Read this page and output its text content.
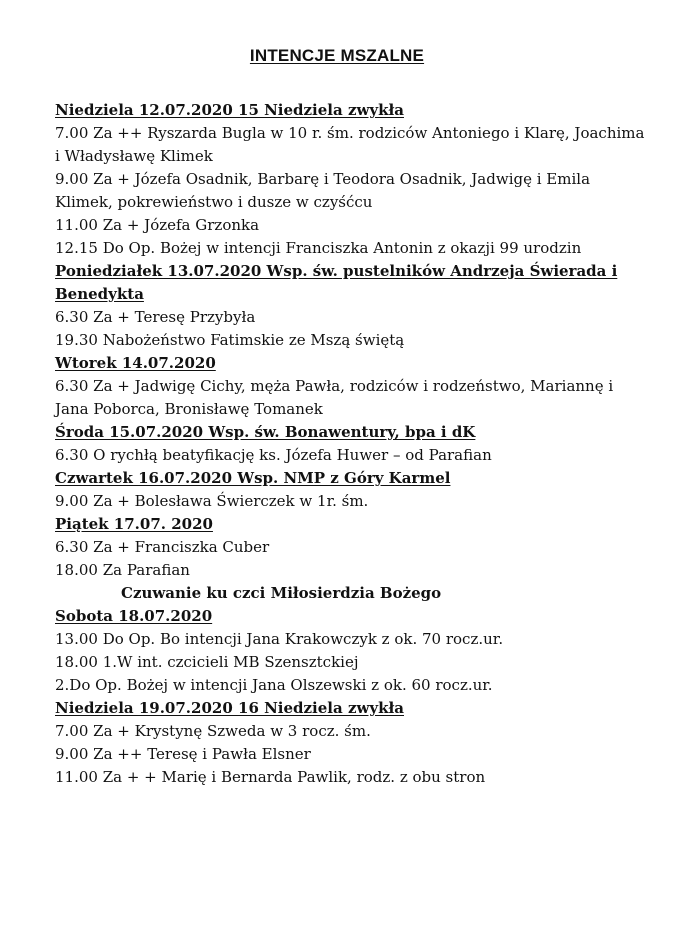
INTENCJE MSZALNE
Niedziela 12.07.2020 15 Niedziela zwykła
7.00 Za ++ Ryszarda Bugla w 10 r. śm. rodziców Antoniego i Klarę, Joachima i Władysławę Klimek
9.00 Za + Józefa Osadnik, Barbarę i Teodora Osadnik, Jadwigę i Emila Klimek, pokrewieństwo i dusze w czyśćcu
11.00 Za + Józefa Grzonka
12.15 Do Op. Bożej w intencji Franciszka Antonin z okazji 99 urodzin
Poniedziałek 13.07.2020 Wsp. św. pustelników Andrzeja Świerada i Benedykta
6.30 Za + Teresę Przybyła
19.30 Nabożeństwo Fatimskie ze Mszą świętą
Wtorek 14.07.2020
6.30 Za + Jadwigę Cichy, męża Pawła, rodziców i rodzeństwo, Mariannę i Jana Poborca, Bronisławę Tomanek
Środa 15.07.2020 Wsp. św. Bonawentury, bpa i dK
6.30 O rychłą beatyfikację ks. Józefa Huwer – od Parafian
Czwartek 16.07.2020 Wsp. NMP z Góry Karmel
9.00 Za + Bolesława Świerczek w 1r. śm.
Piątek 17.07. 2020
6.30 Za + Franciszka Cuber
18.00 Za Parafian
Czuwanie ku czci Miłosierdzia Bożego
Sobota 18.07.2020
13.00 Do Op. Bo intencji Jana Krakowczyk z ok. 70 rocz.ur.
18.00 1.W int. czcicieli MB Szensztckiej
2.Do Op. Bożej w intencji Jana Olszewski z ok. 60 rocz.ur.
Niedziela 19.07.2020 16 Niedziela zwykła
7.00 Za + Krystynę Szweda w 3 rocz. śm.
9.00 Za ++ Teresę i Pawła Elsner
11.00 Za + + Marię i Bernarda Pawlik, rodz. z obu stron
